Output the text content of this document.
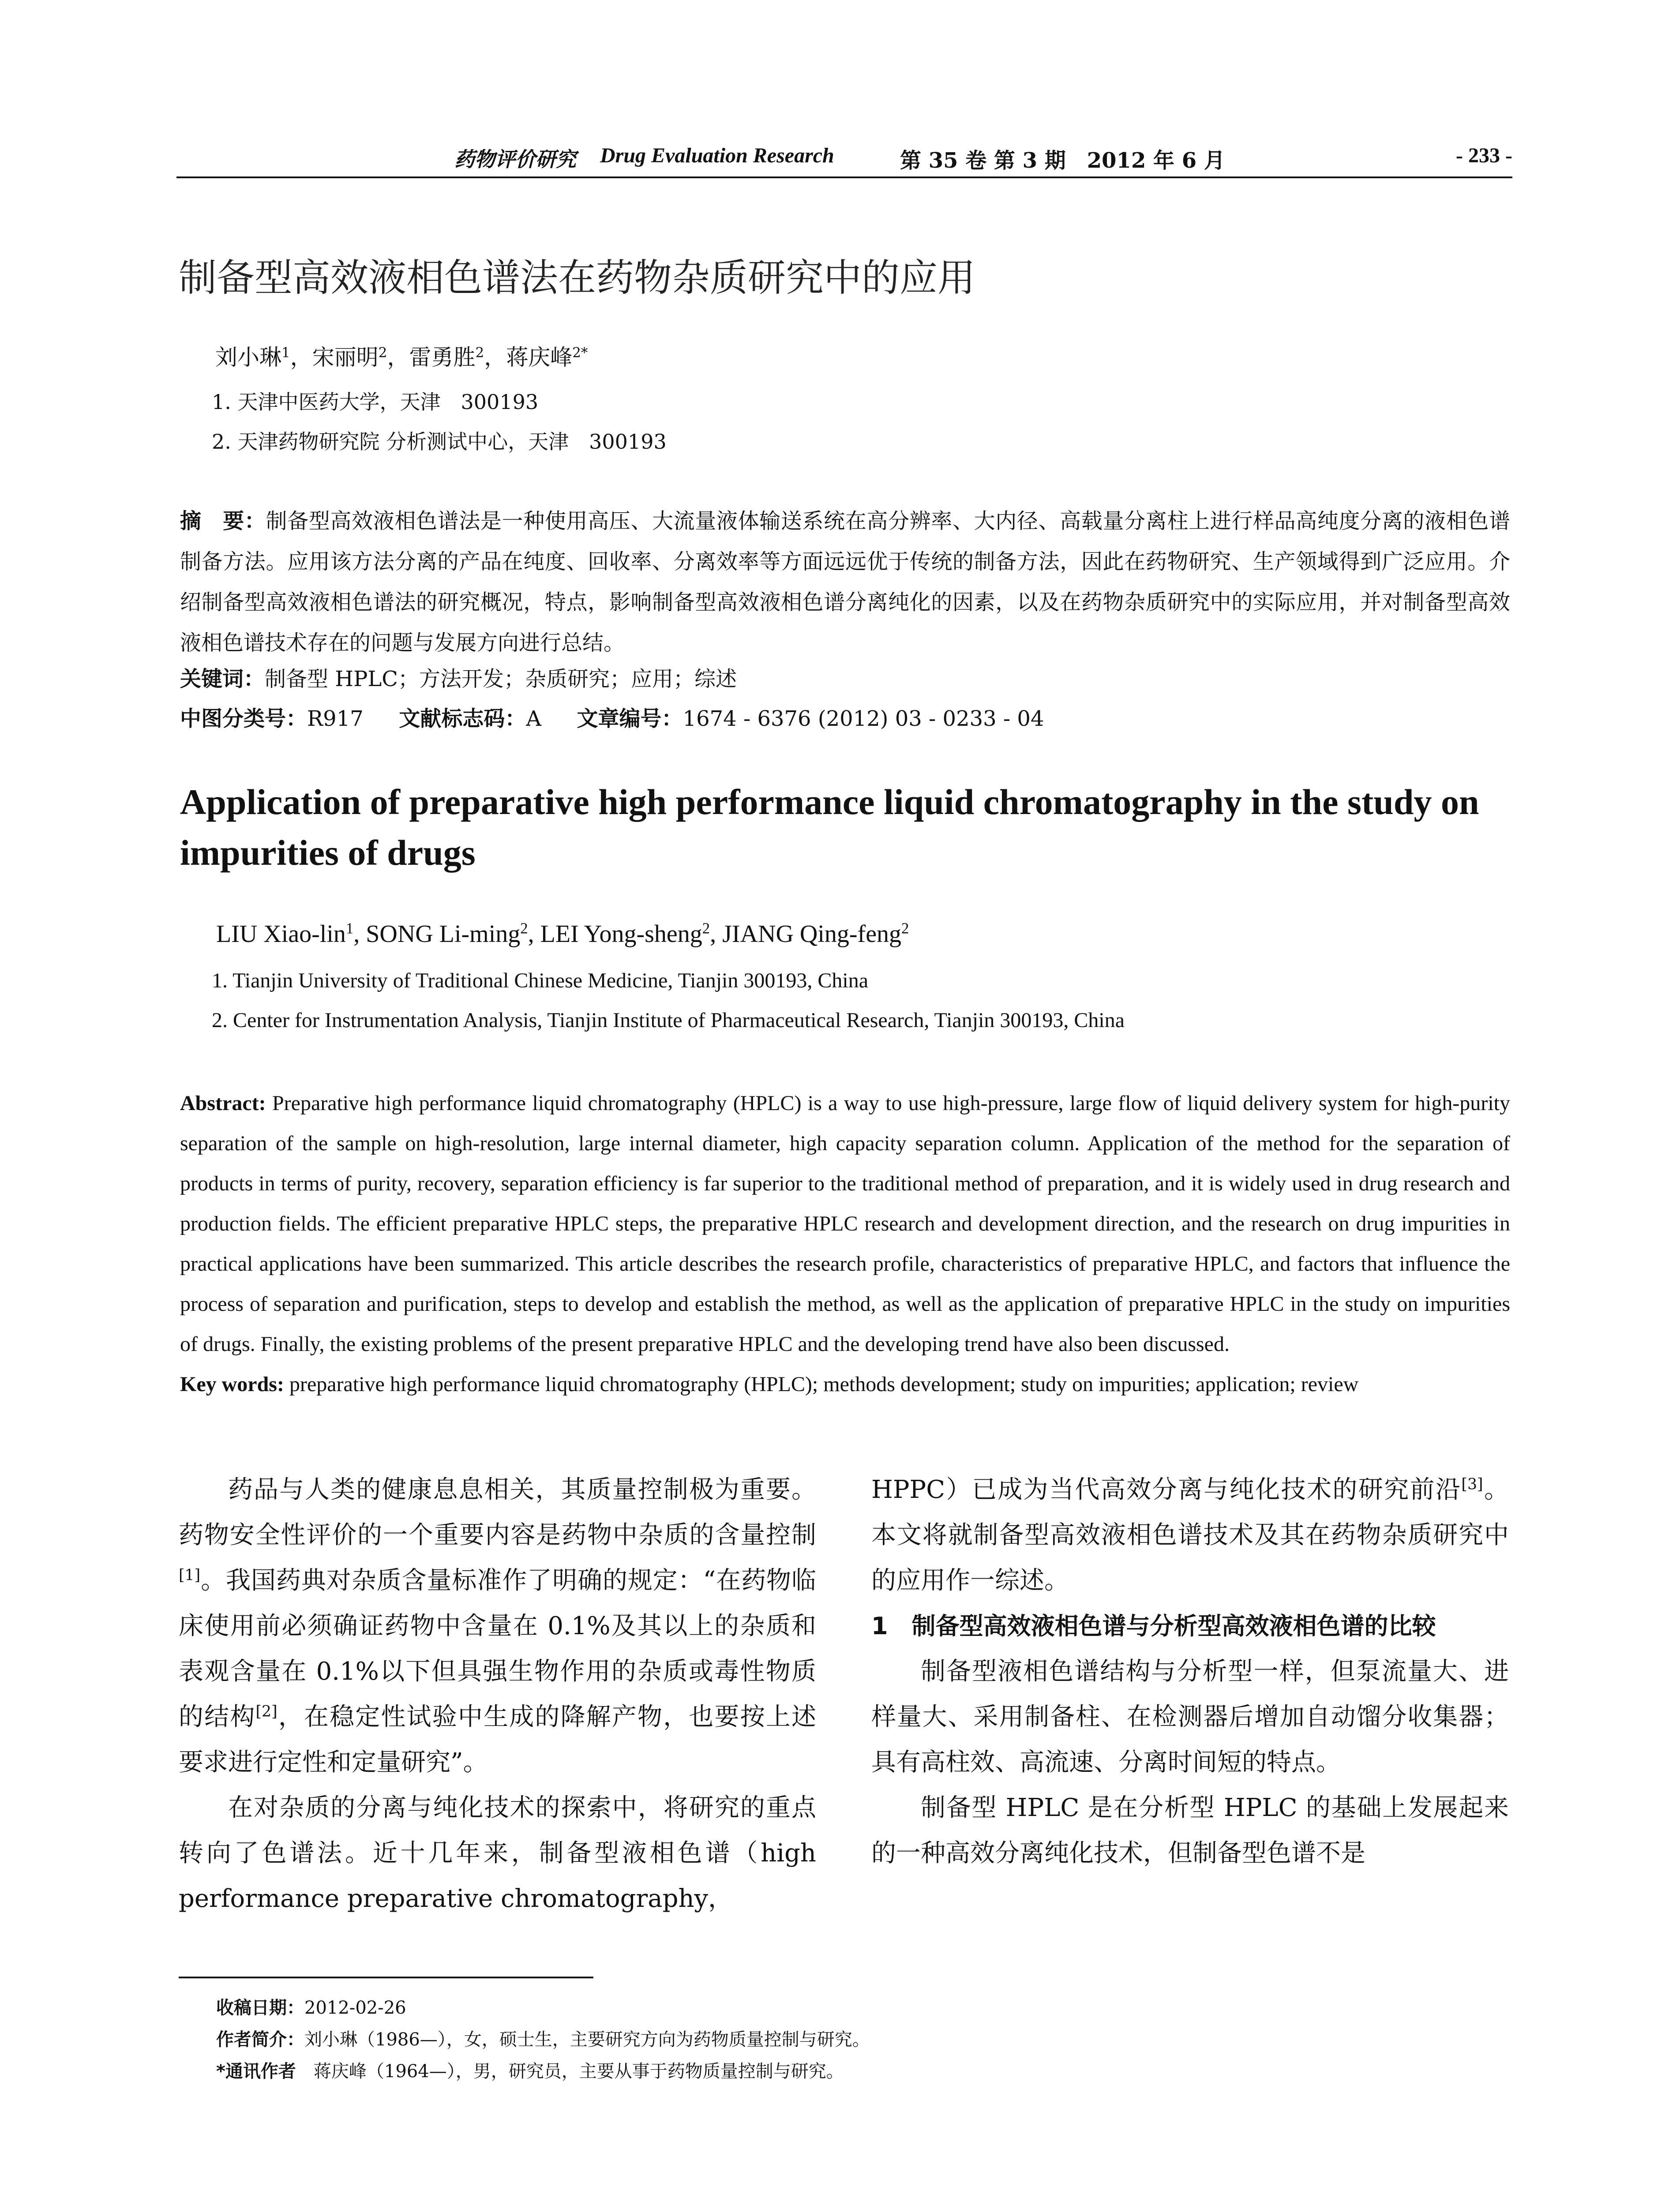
药物评价研究 Drug Evaluation Research	第 35 卷 第 3 期　2012 年 6 月	- 233 -
制备型高效液相色谱法在药物杂质研究中的应用
刘小琳$^1$，宋丽明$^2$，雷勇胜$^2$，蒋庆峰$^{2*}$
1. 天津中医药大学，天津　300193
2. 天津药物研究院 分析测试中心，天津　300193
摘　要：制备型高效液相色谱法是一种使用高压、大流量液体输送系统在高分辨率、大内径、高载量分离柱上进行样品高纯度分离的液相色谱制备方法。应用该方法分离的产品在纯度、回收率、分离效率等方面远远优于传统的制备方法，因此在药物研究、生产领域得到广泛应用。介绍制备型高效液相色谱法的研究概况，特点，影响制备型高效液相色谱分离纯化的因素，以及在药物杂质研究中的实际应用，并对制备型高效液相色谱技术存在的问题与发展方向进行总结。
关键词：制备型 HPLC；方法开发；杂质研究；应用；综述
中图分类号：R917 文献标志码：A 文章编号：1674 - 6376 (2012) 03 - 0233 - 04
Application of preparative high performance liquid chromatography in the study on impurities of drugs
LIU Xiao-lin$^1$, SONG Li-ming$^2$, LEI Yong-sheng$^2$, JIANG Qing-feng$^2$
1. Tianjin University of Traditional Chinese Medicine, Tianjin 300193, China
2. Center for Instrumentation Analysis, Tianjin Institute of Pharmaceutical Research, Tianjin 300193, China
Abstract: Preparative high performance liquid chromatography (HPLC) is a way to use high-pressure, large flow of liquid delivery system for high-purity separation of the sample on high-resolution, large internal diameter, high capacity separation column. Application of the method for the separation of products in terms of purity, recovery, separation efficiency is far superior to the traditional method of preparation, and it is widely used in drug research and production fields. The efficient preparative HPLC steps, the preparative HPLC research and development direction, and the research on drug impurities in practical applications have been summarized. This article describes the research profile, characteristics of preparative HPLC, and factors that influence the process of separation and purification, steps to develop and establish the method, as well as the application of preparative HPLC in the study on impurities of drugs. Finally, the existing problems of the present preparative HPLC and the developing trend have also been discussed.
Key words: preparative high performance liquid chromatography (HPLC); methods development; study on impurities; application; review

药品与人类的健康息息相关，其质量控制极为重要。药物安全性评价的一个重要内容是药物中杂质的含量控制[1]。我国药典对杂质含量标准作了明确的规定：“在药物临床使用前必须确证药物中含量在 0.1%及其以上的杂质和表观含量在 0.1%以下但具强生物作用的杂质或毒性物质的结构[2]，在稳定性试验中生成的降解产物，也要按上述要求进行定性和定量研究”。

在对杂质的分离与纯化技术的探索中，将研究的重点转向了色谱法。近十几年来，制备型液相色谱（high performance preparative chromatography，

HPPC）已成为当代高效分离与纯化技术的研究前沿[3]。本文将就制备型高效液相色谱技术及其在药物杂质研究中的应用作一综述。

1　制备型高效液相色谱与分析型高效液相色谱的比较

制备型液相色谱结构与分析型一样，但泵流量大、进样量大、采用制备柱、在检测器后增加自动馏分收集器；具有高柱效、高流速、分离时间短的特点。

制备型 HPLC 是在分析型 HPLC 的基础上发展起来的一种高效分离纯化技术，但制备型色谱不是

收稿日期：2012-02-26
作者简介：刘小琳（1986—），女，硕士生，主要研究方向为药物质量控制与研究。
*通讯作者　蒋庆峰（1964—），男，研究员，主要从事于药物质量控制与研究。
